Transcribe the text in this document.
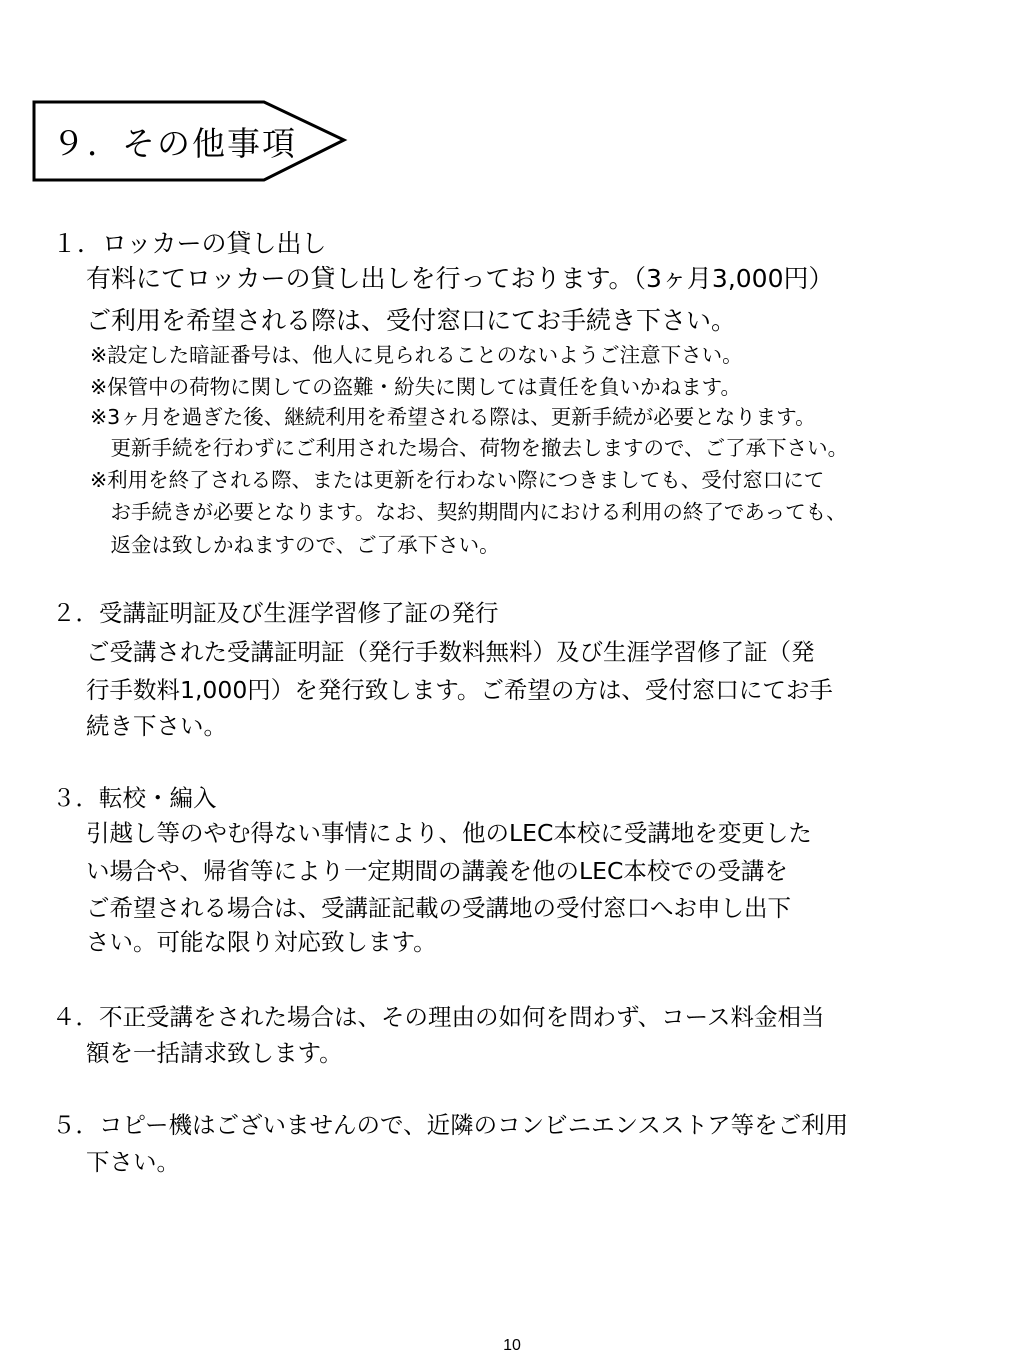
９．その他事項
１．ロッカーの貸し出し
有料にてロッカーの貸し出しを行っております。（3ヶ月3,000円）
ご利用を希望される際は、受付窓口にてお手続き下さい。
※設定した暗証番号は、他人に見られることのないようご注意下さい。
※保管中の荷物に関しての盗難・紛失に関しては責任を負いかねます。
※3ヶ月を過ぎた後、継続利用を希望される際は、更新手続が必要となります。
　更新手続を行わずにご利用された場合、荷物を撤去しますので、ご了承下さい。
※利用を終了される際、または更新を行わない際につきましても、受付窓口にて
　お手続きが必要となります。なお、契約期間内における利用の終了であっても、
　返金は致しかねますので、ご了承下さい。
２．受講証明証及び生涯学習修了証の発行
ご受講された受講証明証（発行手数料無料）及び生涯学習修了証（発
行手数料1,000円）を発行致します。ご希望の方は、受付窓口にてお手
続き下さい。
３．転校・編入
引越し等のやむ得ない事情により、他のLEC本校に受講地を変更した
い場合や、帰省等により一定期間の講義を他のLEC本校での受講を
ご希望される場合は、受講証記載の受講地の受付窓口へお申し出下
さい。可能な限り対応致します。
４．不正受講をされた場合は、その理由の如何を問わず、コース料金相当
額を一括請求致します。
５．コピー機はございませんので、近隣のコンビニエンスストア等をご利用
下さい。
10
